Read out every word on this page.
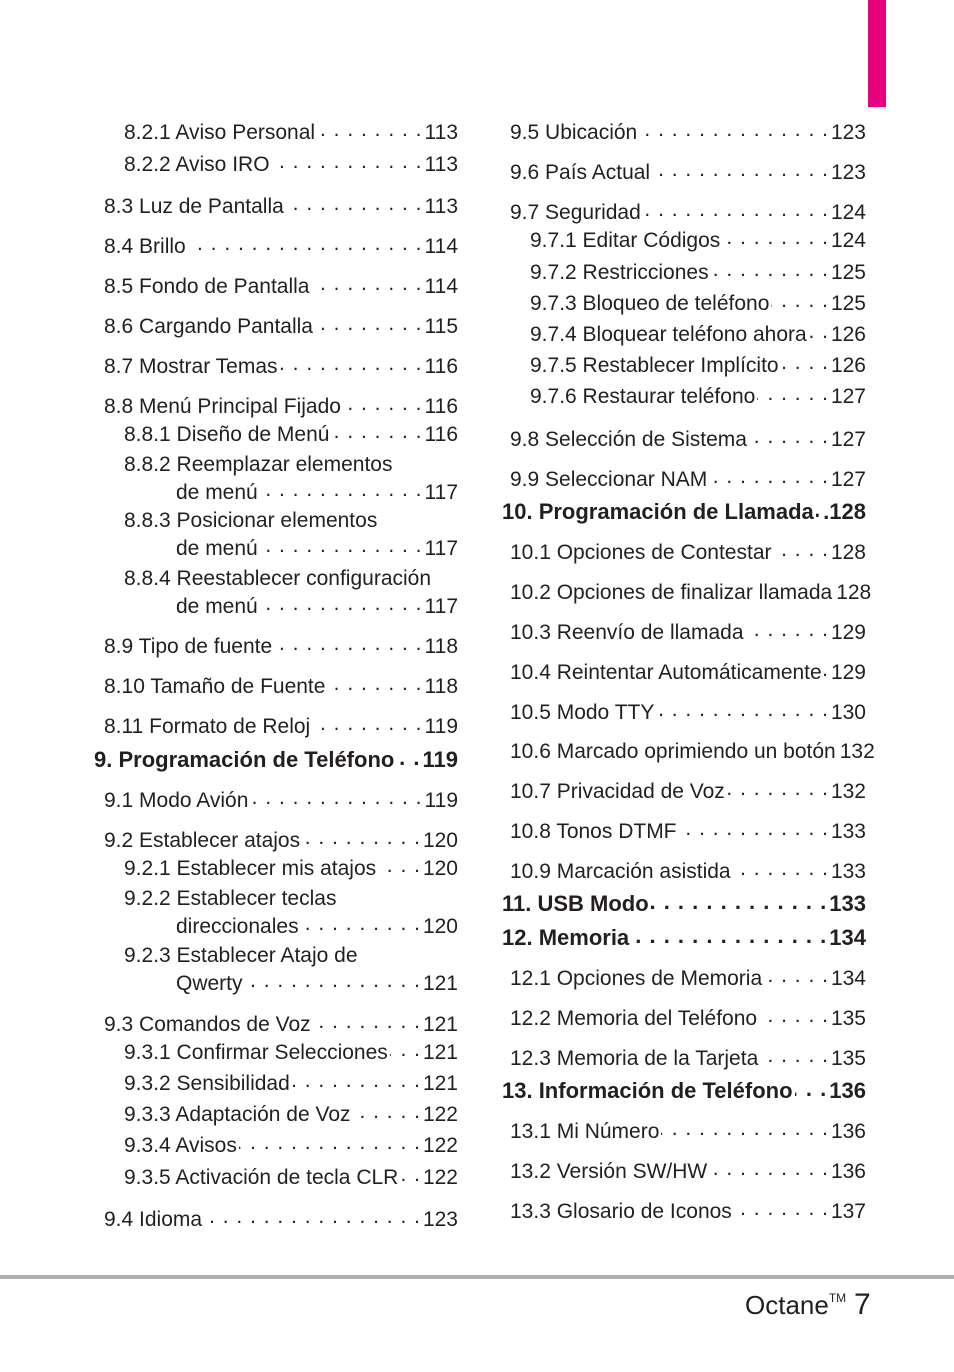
8.2.1 Aviso Personal . . .	113
8.2.2 Aviso IRO . . .	113
8.3 Luz de Pantalla . . .	113
8.4 Brillo . . .	114
8.5 Fondo de Pantalla . . .	114
8.6 Cargando Pantalla . . .	115
8.7 Mostrar Temas . . .	116
8.8 Menú Principal Fijado . . .	116
8.8.1 Diseño de Menú . . .	116
8.8.2 Reemplazar elementos
de menú . . .	117
8.8.3 Posicionar elementos
de menú . . .	117
8.8.4 Reestablecer configuración
de menú . . .	117
8.9 Tipo de fuente . . .	118
8.10 Tamaño de Fuente . . .	118
8.11 Formato de Reloj . . .	119
9. Programación de Teléfono . . . 119
9.1 Modo Avión . . .	119
9.2 Establecer atajos . . .	120
9.2.1 Establecer mis atajos . . . 120
9.2.2 Establecer teclas
direccionales . . .	120
9.2.3 Establecer Atajo de
Qwerty . . .	121
9.3 Comandos de Voz . . .	121
9.3.1 Confirmar Selecciones . . . 121
9.3.2 Sensibilidad . . .	121
9.3.3 Adaptación de Voz . . .	122
9.3.4 Avisos . . .	122
9.3.5 Activación de tecla CLR . . . 122
9.4 Idioma . . .	123
9.5 Ubicación . . .	123
9.6 País Actual . . .	123
9.7 Seguridad . . .	124
9.7.1 Editar Códigos . . .	124
9.7.2 Restricciones . . .	125
9.7.3 Bloqueo de teléfono . . .	125
9.7.4 Bloquear teléfono ahora . . . 126
9.7.5 Restablecer Implícito . . . 126
9.7.6 Restaurar teléfono . . .	127
9.8 Selección de Sistema . . .	127
9.9 Seleccionar NAM . . .	127
10. Programación de Llamada . . . .128
10.1 Opciones de Contestar . . .	128
10.2 Opciones de finalizar llamada 128
10.3 Reenvío de llamada . . .	129
10.4 Reintentar Automáticamente . . . 129
10.5 Modo TTY . . .	130
10.6 Marcado oprimiendo un botón 132
10.7 Privacidad de Voz . . .	132
10.8 Tonos DTMF . . .	133
10.9 Marcación asistida . . .	133
11. USB Modo . . .	133
12. Memoria . . .	134
12.1 Opciones de Memoria . . .	134
12.2 Memoria del Teléfono . . .	135
12.3 Memoria de la Tarjeta . . .	135
13. Información de Teléfono . . . 136
13.1 Mi Número . . .	136
13.2 Versión SW/HW . . .	136
13.3 Glosario de Iconos . . .	137
Octane™ 7
